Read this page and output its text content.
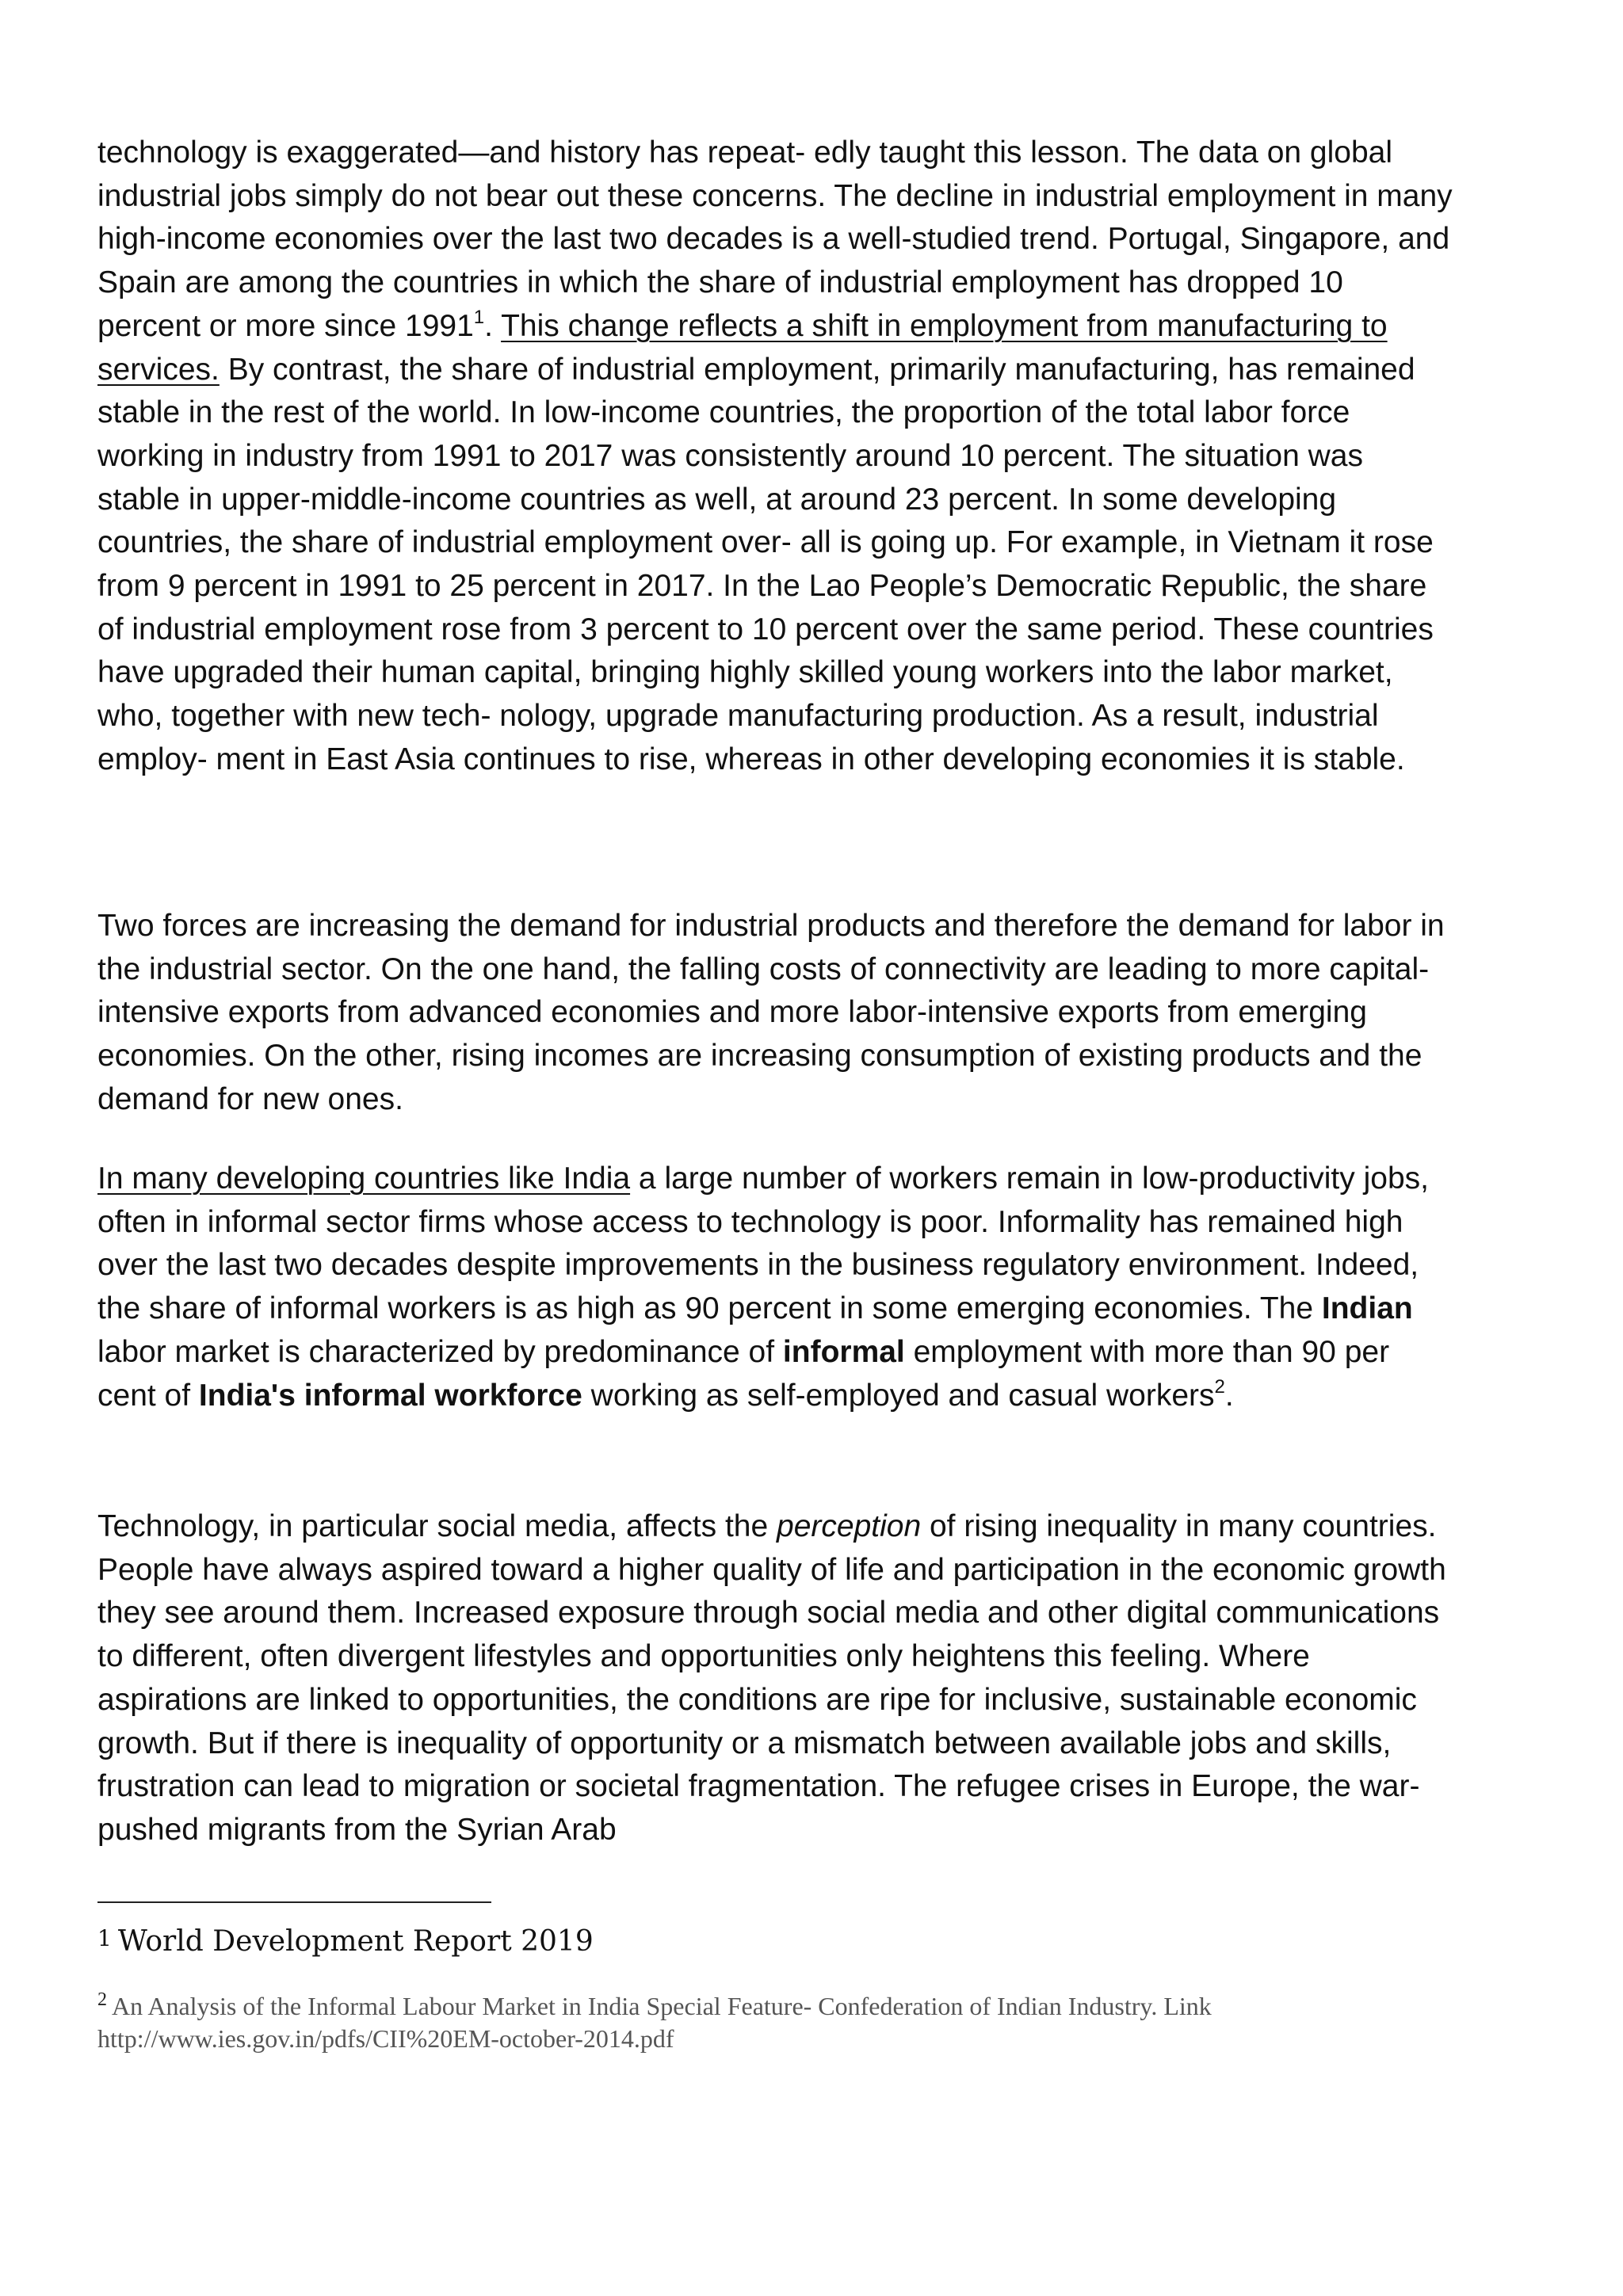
technology is exaggerated—and history has repeat- edly taught this lesson. The data on global industrial jobs simply do not bear out these concerns. The decline in industrial employment in many high-income economies over the last two decades is a well-studied trend. Portugal, Singapore, and Spain are among the countries in which the share of industrial employment has dropped 10 percent or more since 1991$^1$. This change reflects a shift in employment from manufacturing to services. By contrast, the share of industrial employment, primarily manufacturing, has remained stable in the rest of the world. In low-income countries, the proportion of the total labor force working in industry from 1991 to 2017 was consistently around 10 percent. The situation was stable in upper-middle-income countries as well, at around 23 percent. In some developing countries, the share of industrial employment over- all is going up. For example, in Vietnam it rose from 9 percent in 1991 to 25 percent in 2017. In the Lao People’s Democratic Republic, the share of industrial employment rose from 3 percent to 10 percent over the same period. These countries have upgraded their human capital, bringing highly skilled young workers into the labor market, who, together with new tech- nology, upgrade manufacturing production. As a result, industrial employ- ment in East Asia continues to rise, whereas in other developing economies it is stable.

Two forces are increasing the demand for industrial products and therefore the demand for labor in the industrial sector. On the one hand, the falling costs of connectivity are leading to more capital-intensive exports from advanced economies and more labor-intensive exports from emerging economies. On the other, rising incomes are increasing consumption of existing products and the demand for new ones.

In many developing countries like India a large number of workers remain in low-productivity jobs, often in informal sector firms whose access to technology is poor. Informality has remained high over the last two decades despite improvements in the business regulatory environment. Indeed, the share of informal workers is as high as 90 percent in some emerging economies. The Indian labor market is characterized by predominance of informal employment with more than 90 per cent of India's informal workforce working as self-employed and casual workers$^2$.

Technology, in particular social media, affects the perception of rising inequality in many countries. People have always aspired toward a higher quality of life and participation in the economic growth they see around them. Increased exposure through social media and other digital communications to different, often divergent lifestyles and opportunities only heightens this feeling. Where aspirations are linked to opportunities, the conditions are ripe for inclusive, sustainable economic growth. But if there is inequality of opportunity or a mismatch between available jobs and skills, frustration can lead to migration or societal fragmentation. The refugee crises in Europe, the war-pushed migrants from the Syrian Arab

1 World Development Report 2019
$^2$ An Analysis of the Informal Labour Market in India Special Feature- Confederation of Indian Industry. Link http://www.ies.gov.in/pdfs/CII%20EM-october-2014.pdf
